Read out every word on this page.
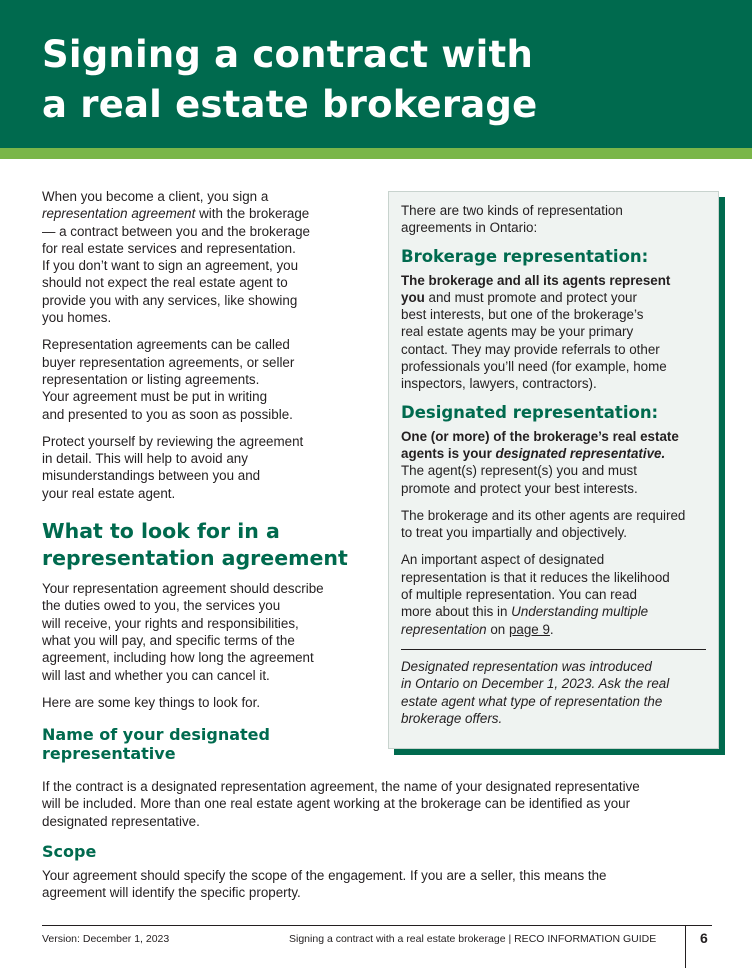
Signing a contract with
a real estate brokerage

When you become a client, you sign a
representation agreement with the brokerage
— a contract between you and the brokerage
for real estate services and representation.
If you don’t want to sign an agreement, you
should not expect the real estate agent to
provide you with any services, like showing
you homes.

Representation agreements can be called
buyer representation agreements, or seller
representation or listing agreements.
Your agreement must be put in writing
and presented to you as soon as possible.

Protect yourself by reviewing the agreement
in detail. This will help to avoid any
misunderstandings between you and
your real estate agent.

What to look for in a
representation agreement

Your representation agreement should describe
the duties owed to you, the services you
will receive, your rights and responsibilities,
what you will pay, and specific terms of the
agreement, including how long the agreement
will last and whether you can cancel it.

Here are some key things to look for.

Name of your designated
representative
If the contract is a designated representation agreement, the name of your designated representative
will be included. More than one real estate agent working at the brokerage can be identified as your
designated representative.
Scope
Your agreement should specify the scope of the engagement. If you are a seller, this means the
agreement will identify the specific property.

There are two kinds of representation
agreements in Ontario:

Brokerage representation:

The brokerage and all its agents represent
you and must promote and protect your
best interests, but one of the brokerage’s
real estate agents may be your primary
contact. They may provide referrals to other
professionals you’ll need (for example, home
inspectors, lawyers, contractors).

Designated representation:

One (or more) of the brokerage’s real estate
agents is your designated representative.
The agent(s) represent(s) you and must
promote and protect your best interests.

The brokerage and its other agents are required
to treat you impartially and objectively.

An important aspect of designated
representation is that it reduces the likelihood
of multiple representation. You can read
more about this in Understanding multiple
representation on page 9.

Designated representation was introduced
in Ontario on December 1, 2023. Ask the real
estate agent what type of representation the
brokerage offers.

Version: December 1, 2023	Signing a contract with a real estate brokerage | RECO INFORMATION GUIDE	6
